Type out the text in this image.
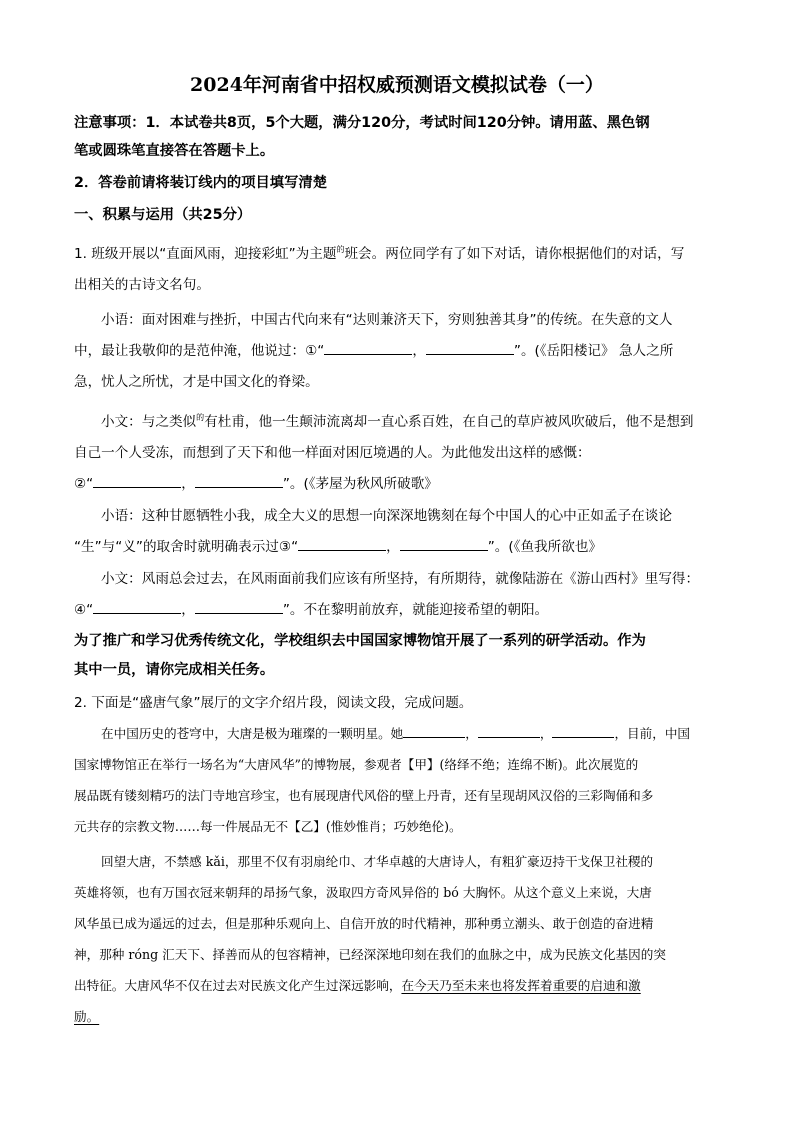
2024年河南省中招权威预测语文模拟试卷（一）
注意事项：1．本试卷共8页，5个大题，满分120分，考试时间120分钟。请用蓝、黑色钢
笔或圆珠笔直接答在答题卡上。
2．答卷前请将装订线内的项目填写清楚
一、积累与运用（共25分）
1. 班级开展以“直面风雨，迎接彩虹”为主题$^的$班会。两位同学有了如下对话，请你根据他们的对话，写
出相关的古诗文名句。
小语：面对困难与挫折，中国古代向来有“达则兼济天下，穷则独善其身”的传统。在失意的文人
中，最让我敬仰的是范仲淹，他说过：①“	，	”。(《岳阳楼记》 急人之所
急，忧人之所忧，才是中国文化的脊梁。
小文：与之类似$^的$有杜甫，他一生颠沛流离却一直心系百姓，在自己的草庐被风吹破后，他不是想到
自己一个人受冻，而想到了天下和他一样面对困厄境遇的人。为此他发出这样的感慨：
②“	，	”。(《茅屋为秋风所破歌》
小语：这种甘愿牺牲小我，成全大义的思想一向深深地镌刻在每个中国人的心中正如孟子在谈论
“生”与“义”的取舍时就明确表示过③“	，	”。(《鱼我所欲也》
小文：风雨总会过去，在风雨面前我们应该有所坚持，有所期待，就像陆游在《游山西村》里写得：
④“	，	”。不在黎明前放弃，就能迎接希望的朝阳。
为了推广和学习优秀传统文化，学校组织去中国国家博物馆开展了一系列的研学活动。作为
其中一员，请你完成相关任务。
2. 下面是“盛唐气象”展厅的文字介绍片段，阅读文段，完成问题。
在中国历史的苍穹中，大唐是极为璀璨的一颗明星。她	，	，	，目前，中国
国家博物馆正在举行一场名为“大唐风华”的博物展，参观者【甲】(络绎不绝；连绵不断)。此次展览的
展品既有镂刻精巧的法门寺地宫珍宝，也有展现唐代风俗的壁上丹青，还有呈现胡风汉俗的三彩陶俑和多
元共存的宗教文物……每一件展品无不【乙】(惟妙惟肖；巧妙绝伦)。
回望大唐，不禁感 kǎi，那里不仅有羽扇纶巾、才华卓越的大唐诗人，有粗犷豪迈持干戈保卫社稷的
英雄将领，也有万国衣冠来朝拜的昂扬气象，汲取四方奇风异俗的 bó 大胸怀。从这个意义上来说，大唐
风华虽已成为遥远的过去，但是那种乐观向上、自信开放的时代精神，那种勇立潮头、敢于创造的奋进精
神，那种 róng 汇天下、择善而从的包容精神，已经深深地印刻在我们的血脉之中，成为民族文化基因的突
出特征。大唐风华不仅在过去对民族文化产生过深远影响，在今天乃至未来也将发挥着重要的启迪和激
励。
